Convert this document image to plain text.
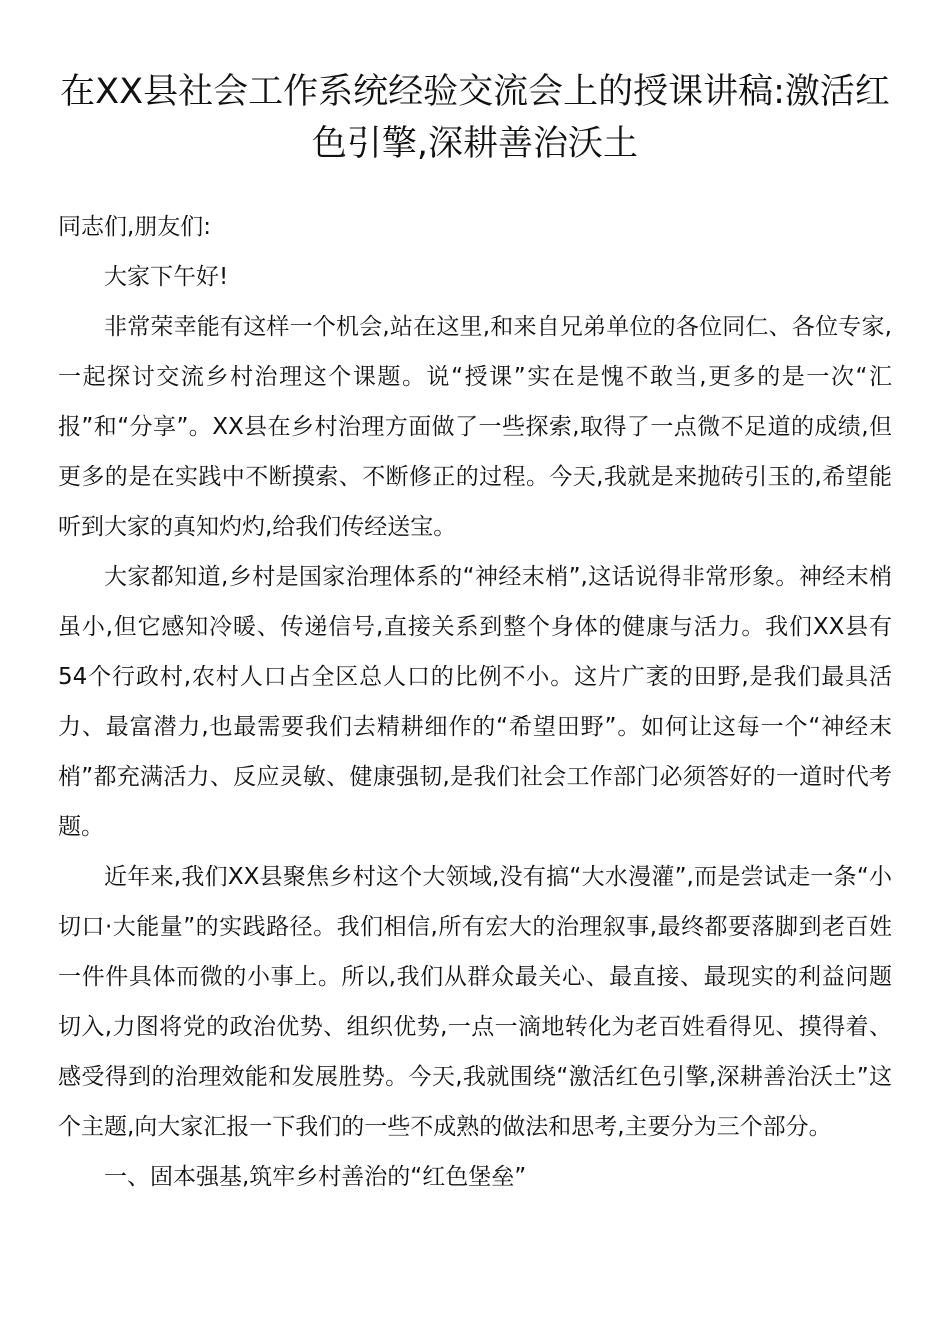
在XX县社会工作系统经验交流会上的授课讲稿:激活红色引擎,深耕善治沃土

同志们,朋友们:

大家下午好!

非常荣幸能有这样一个机会,站在这里,和来自兄弟单位的各位同仁、各位专家,一起探讨交流乡村治理这个课题。说“授课”实在是愧不敢当,更多的是一次“汇报”和“分享”。XX县在乡村治理方面做了一些探索,取得了一点微不足道的成绩,但更多的是在实践中不断摸索、不断修正的过程。今天,我就是来抛砖引玉的,希望能听到大家的真知灼灼,给我们传经送宝。

大家都知道,乡村是国家治理体系的“神经末梢”,这话说得非常形象。神经末梢虽小,但它感知冷暖、传递信号,直接关系到整个身体的健康与活力。我们XX县有54个行政村,农村人口占全区总人口的比例不小。这片广袤的田野,是我们最具活力、最富潜力,也最需要我们去精耕细作的“希望田野”。如何让这每一个“神经末梢”都充满活力、反应灵敏、健康强韧,是我们社会工作部门必须答好的一道时代考题。

近年来,我们XX县聚焦乡村这个大领域,没有搞“大水漫灌”,而是尝试走一条“小切口·大能量”的实践路径。我们相信,所有宏大的治理叙事,最终都要落脚到老百姓一件件具体而微的小事上。所以,我们从群众最关心、最直接、最现实的利益问题切入,力图将党的政治优势、组织优势,一点一滴地转化为老百姓看得见、摸得着、感受得到的治理效能和发展胜势。今天,我就围绕“激活红色引擎,深耕善治沃土”这个主题,向大家汇报一下我们的一些不成熟的做法和思考,主要分为三个部分。

一、固本强基,筑牢乡村善治的“红色堡垒”
